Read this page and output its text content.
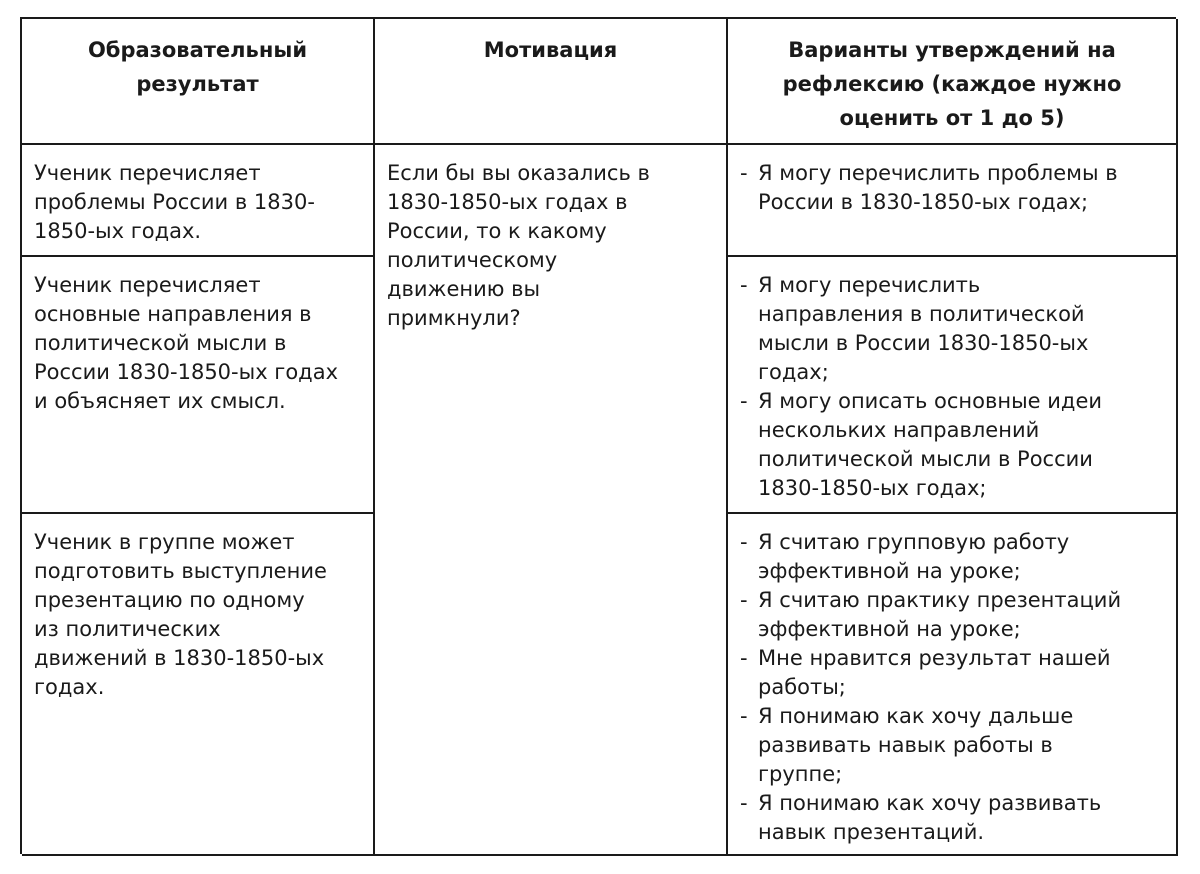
Образовательный
результат
Мотивация	Варианты утверждений на
рефлексию (каждое нужно
оценить от 1 до 5)
Ученик перечисляет
проблемы России в 1830-
1850-ых годах.
Если бы вы оказались в
1830-1850-ых годах в
России, то к какому
политическому
движению вы
примкнули?
- Я могу перечислить проблемы в
России в 1830-1850-ых годах;
Ученик перечисляет
основные направления в
политической мысли в
России 1830-1850-ых годах
и объясняет их смысл.
- Я могу перечислить
направления в политической
мысли в России 1830-1850-ых
годах;
- Я могу описать основные идеи
нескольких направлений
политической мысли в России
1830-1850-ых годах;
Ученик в группе может
подготовить выступление
презентацию по одному
из политических
движений в 1830-1850-ых
годах.
- Я считаю групповую работу
эффективной на уроке;
- Я считаю практику презентаций
эффективной на уроке;
- Мне нравится результат нашей
работы;
- Я понимаю как хочу дальше
развивать навык работы в
группе;
- Я понимаю как хочу развивать
навык презентаций.
